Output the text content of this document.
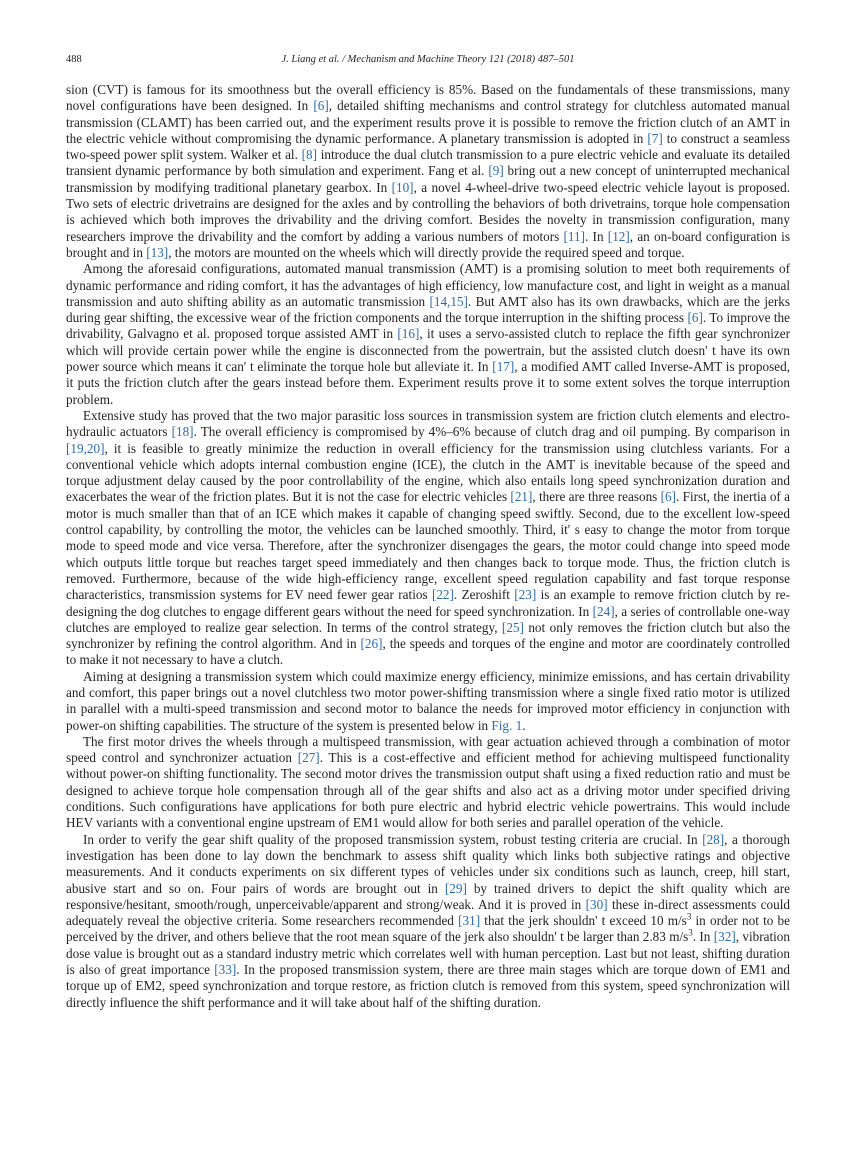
488	J. Liang et al. / Mechanism and Machine Theory 121 (2018) 487–501

sion (CVT) is famous for its smoothness but the overall efficiency is 85%. Based on the fundamentals of these transmissions, many novel configurations have been designed. In [6], detailed shifting mechanisms and control strategy for clutchless automated manual transmission (CLAMT) has been carried out, and the experiment results prove it is possible to remove the friction clutch of an AMT in the electric vehicle without compromising the dynamic performance. A planetary transmission is adopted in [7] to construct a seamless two-speed power split system. Walker et al. [8] introduce the dual clutch transmission to a pure electric vehicle and evaluate its detailed transient dynamic performance by both simulation and experiment. Fang et al. [9] bring out a new concept of uninterrupted mechanical transmission by modifying traditional planetary gearbox. In [10], a novel 4-wheel-drive two-speed electric vehicle layout is proposed. Two sets of electric drivetrains are designed for the axles and by controlling the behaviors of both drivetrains, torque hole compensation is achieved which both improves the drivability and the driving comfort. Besides the novelty in transmission configuration, many researchers improve the drivability and the comfort by adding a various numbers of motors [11]. In [12], an on-board configuration is brought and in [13], the motors are mounted on the wheels which will directly provide the required speed and torque.

Among the aforesaid configurations, automated manual transmission (AMT) is a promising solution to meet both requirements of dynamic performance and riding comfort, it has the advantages of high efficiency, low manufacture cost, and light in weight as a manual transmission and auto shifting ability as an automatic transmission [14,15]. But AMT also has its own drawbacks, which are the jerks during gear shifting, the excessive wear of the friction components and the torque interruption in the shifting process [6]. To improve the drivability, Galvagno et al. proposed torque assisted AMT in [16], it uses a servo-assisted clutch to replace the fifth gear synchronizer which will provide certain power while the engine is disconnected from the powertrain, but the assisted clutch doesn' t have its own power source which means it can' t eliminate the torque hole but alleviate it. In [17], a modified AMT called Inverse-AMT is proposed, it puts the friction clutch after the gears instead before them. Experiment results prove it to some extent solves the torque interruption problem.

Extensive study has proved that the two major parasitic loss sources in transmission system are friction clutch elements and electro-hydraulic actuators [18]. The overall efficiency is compromised by 4%–6% because of clutch drag and oil pumping. By comparison in [19,20], it is feasible to greatly minimize the reduction in overall efficiency for the transmission using clutchless variants. For a conventional vehicle which adopts internal combustion engine (ICE), the clutch in the AMT is inevitable because of the speed and torque adjustment delay caused by the poor controllability of the engine, which also entails long speed synchronization duration and exacerbates the wear of the friction plates. But it is not the case for electric vehicles [21], there are three reasons [6]. First, the inertia of a motor is much smaller than that of an ICE which makes it capable of changing speed swiftly. Second, due to the excellent low-speed control capability, by controlling the motor, the vehicles can be launched smoothly. Third, it' s easy to change the motor from torque mode to speed mode and vice versa. Therefore, after the synchronizer disengages the gears, the motor could change into speed mode which outputs little torque but reaches target speed immediately and then changes back to torque mode. Thus, the friction clutch is removed. Furthermore, because of the wide high-efficiency range, excellent speed regulation capability and fast torque response characteristics, transmission systems for EV need fewer gear ratios [22]. Zeroshift [23] is an example to remove friction clutch by re-designing the dog clutches to engage different gears without the need for speed synchronization. In [24], a series of controllable one-way clutches are employed to realize gear selection. In terms of the control strategy, [25] not only removes the friction clutch but also the synchronizer by refining the control algorithm. And in [26], the speeds and torques of the engine and motor are coordinately controlled to make it not necessary to have a clutch.

Aiming at designing a transmission system which could maximize energy efficiency, minimize emissions, and has certain drivability and comfort, this paper brings out a novel clutchless two motor power-shifting transmission where a single fixed ratio motor is utilized in parallel with a multi-speed transmission and second motor to balance the needs for improved motor efficiency in conjunction with power-on shifting capabilities. The structure of the system is presented below in Fig. 1.

The first motor drives the wheels through a multispeed transmission, with gear actuation achieved through a combination of motor speed control and synchronizer actuation [27]. This is a cost-effective and efficient method for achieving multispeed functionality without power-on shifting functionality. The second motor drives the transmission output shaft using a fixed reduction ratio and must be designed to achieve torque hole compensation through all of the gear shifts and also act as a driving motor under specified driving conditions. Such configurations have applications for both pure electric and hybrid electric vehicle powertrains. This would include HEV variants with a conventional engine upstream of EM1 would allow for both series and parallel operation of the vehicle.

In order to verify the gear shift quality of the proposed transmission system, robust testing criteria are crucial. In [28], a thorough investigation has been done to lay down the benchmark to assess shift quality which links both subjective ratings and objective measurements. And it conducts experiments on six different types of vehicles under six conditions such as launch, creep, hill start, abusive start and so on. Four pairs of words are brought out in [29] by trained drivers to depict the shift quality which are responsive/hesitant, smooth/rough, unperceivable/apparent and strong/weak. And it is proved in [30] these in-direct assessments could adequately reveal the objective criteria. Some researchers recommended [31] that the jerk shouldn' t exceed 10 $m/s^3$ in order not to be perceived by the driver, and others believe that the root mean square of the jerk also shouldn' t be larger than 2.83 $m/s^3$. In [32], vibration dose value is brought out as a standard industry metric which correlates well with human perception. Last but not least, shifting duration is also of great importance [33]. In the proposed transmission system, there are three main stages which are torque down of EM1 and torque up of EM2, speed synchronization and torque restore, as friction clutch is removed from this system, speed synchronization will directly influence the shift performance and it will take about half of the shifting duration.
